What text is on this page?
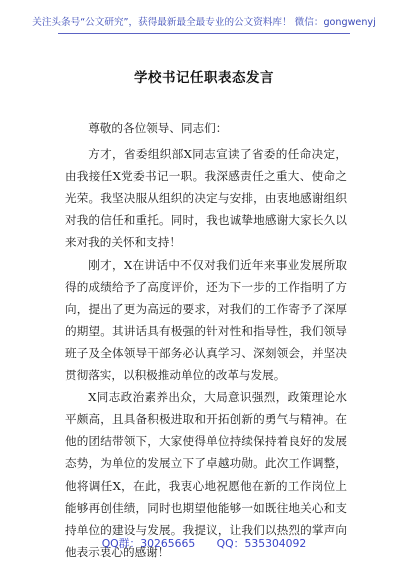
关注头条号“公文研究”，获得最新最全最专业的公文资料库！ 微信：gongwenyj
学校书记任职表态发言

尊敬的各位领导、同志们：

方才，省委组织部X同志宣读了省委的任命决定，由我接任X党委书记一职。我深感责任之重大、使命之光荣。我坚决服从组织的决定与安排，由衷地感谢组织对我的信任和重托。同时，我也诚挚地感谢大家长久以来对我的关怀和支持！

刚才，X在讲话中不仅对我们近年来事业发展所取得的成绩给予了高度评价，还为下一步的工作指明了方向，提出了更为高远的要求，对我们的工作寄予了深厚的期望。其讲话具有极强的针对性和指导性，我们领导班子及全体领导干部务必认真学习、深刻领会，并坚决贯彻落实，以积极推动单位的改革与发展。

X同志政治素养出众，大局意识强烈，政策理论水平颇高，且具备积极进取和开拓创新的勇气与精神。在他的团结带领下，大家使得单位持续保持着良好的发展态势，为单位的发展立下了卓越功勋。此次工作调整，他将调任X，在此，我衷心地祝愿他在新的工作岗位上能够再创佳绩，同时也期望他能够一如既往地关心和支持单位的建设与发展。我提议，让我们以热烈的掌声向他表示衷心的感谢！

QQ群：30265665 QQ：535304092
